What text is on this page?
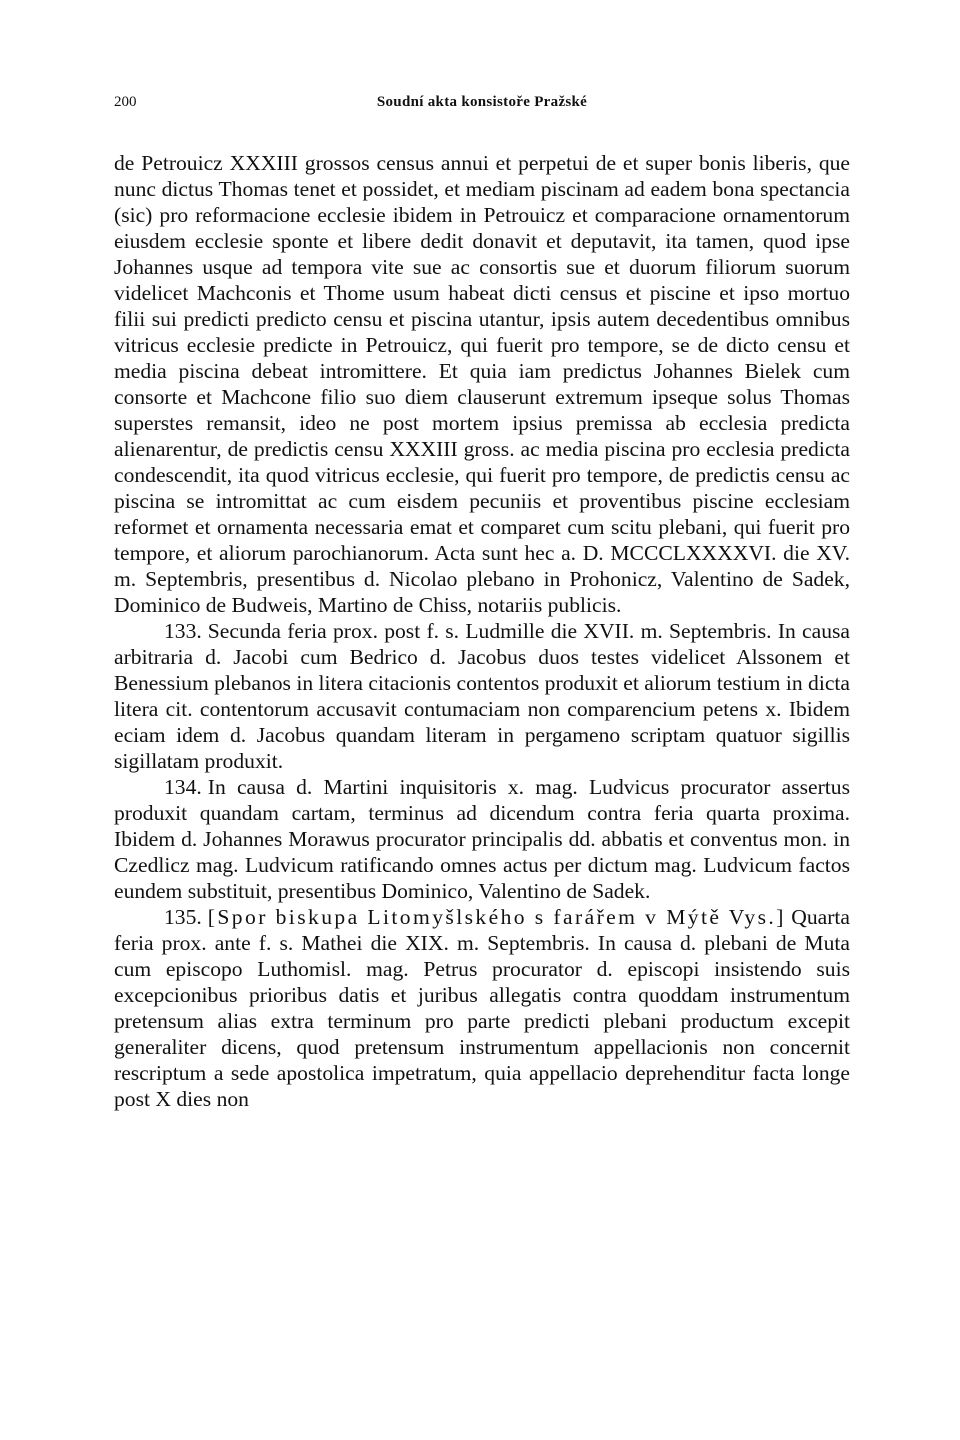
200	Soudní akta konsistoře Pražské

de Petrouicz XXXIII grossos census annui et perpetui de et super bonis liberis, que nunc dictus Thomas tenet et possidet, et mediam piscinam ad eadem bona spectancia (sic) pro reformacione ecclesie ibidem in Petrouicz et comparacione ornamentorum eiusdem ecclesie sponte et libere dedit donavit et deputavit, ita tamen, quod ipse Johannes usque ad tempora vite sue ac consortis sue et duorum filiorum suorum videlicet Machconis et Thome usum habeat dicti census et piscine et ipso mortuo filii sui predicti predicto censu et piscina utantur, ipsis autem decedentibus omnibus vitricus ecclesie predicte in Petrouicz, qui fuerit pro tempore, se de dicto censu et media piscina debeat intromittere. Et quia iam predictus Johannes Bielek cum consorte et Machcone filio suo diem clauserunt extremum ipseque solus Thomas superstes remansit, ideo ne post mortem ipsius premissa ab ecclesia predicta alienarentur, de predictis censu XXXIII gross. ac media piscina pro ecclesia predicta condescendit, ita quod vitricus ecclesie, qui fuerit pro tempore, de predictis censu ac piscina se intromittat ac cum eisdem pecuniis et proventibus piscine ecclesiam reformet et ornamenta necessaria emat et comparet cum scitu plebani, qui fuerit pro tempore, et aliorum parochianorum. Acta sunt hec a. D. MCCCLXXXXVI. die XV. m. Septembris, presentibus d. Nicolao plebano in Prohonicz, Valentino de Sadek, Dominico de Budweis, Martino de Chiss, notariis publicis.

133. Secunda feria prox. post f. s. Ludmille die XVII. m. Septembris. In causa arbitraria d. Jacobi cum Bedrico d. Jacobus duos testes videlicet Alssonem et Benessium plebanos in litera citacionis contentos produxit et aliorum testium in dicta litera cit. contentorum accusavit contumaciam non comparencium petens x. Ibidem eciam idem d. Jacobus quandam literam in pergameno scriptam quatuor sigillis sigillatam produxit.

134. In causa d. Martini inquisitoris x. mag. Ludvicus procurator assertus produxit quandam cartam, terminus ad dicendum contra feria quarta proxima. Ibidem d. Johannes Morawus procurator principalis dd. abbatis et conventus mon. in Czedlicz mag. Ludvicum ratificando omnes actus per dictum mag. Ludvicum factos eundem substituit, presentibus Dominico, Valentino de Sadek.

135. [Spor biskupa Litomyšlského s farářem v Mýtě Vys.] Quarta feria prox. ante f. s. Mathei die XIX. m. Septembris. In causa d. plebani de Muta cum episcopo Luthomisl. mag. Petrus procurator d. episcopi insistendo suis excepcionibus prioribus datis et juribus allegatis contra quoddam instrumentum pretensum alias extra terminum pro parte predicti plebani productum excepit generaliter dicens, quod pretensum instrumentum appellacionis non concernit rescriptum a sede apostolica impetratum, quia appellacio deprehenditur facta longe post X dies non
